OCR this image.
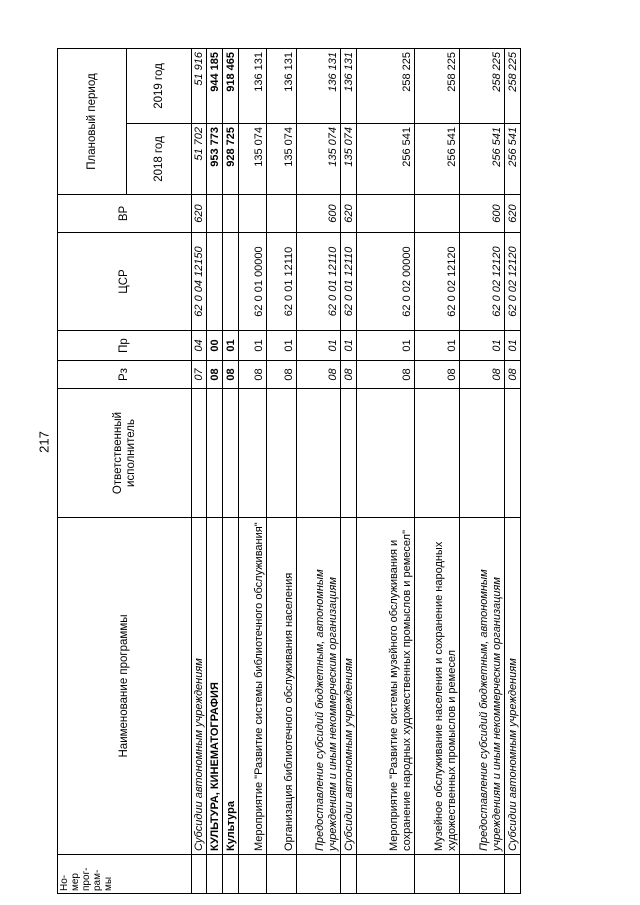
217
Но-мер прог-рам-мы	Наименование программы	Ответственный исполнитель	Рз	Пр	ЦСР	ВР	Плановый период	
							2018 год	2019 год
	Субсидии автономным учреждениям		07	04	62 0 04 12150	620	51 702	51 916
	КУЛЬТУРА, КИНЕМАТОГРАФИЯ		08	00			953 773	944 185
	Культура		08	01			928 725	918 465
	Мероприятие "Развитие системы библиотечного обслуживания"		08	01	62 0 01 00000		135 074	136 131
	Организация библиотечного обслуживания населения		08	01	62 0 01 12110		135 074	136 131
	Предоставление субсидий бюджетным, автономным учреждениям и иным некоммерческим организациям		08	01	62 0 01 12110	600	135 074	136 131
	Субсидии автономным учреждениям		08	01	62 0 01 12110	620	135 074	136 131
	Мероприятие "Развитие системы музейного обслуживания и сохранение народных художественных промыслов и ремесел"		08	01	62 0 02 00000		256 541	258 225
	Музейное обслуживание населения и сохранение народных художественных промыслов и ремесел		08	01	62 0 02 12120		256 541	258 225
	Предоставление субсидий бюджетным, автономным учреждениям и иным некоммерческим организациям		08	01	62 0 02 12120	600	256 541	258 225
	Субсидии автономным учреждениям		08	01	62 0 02 12120	620	256 541	258 225
